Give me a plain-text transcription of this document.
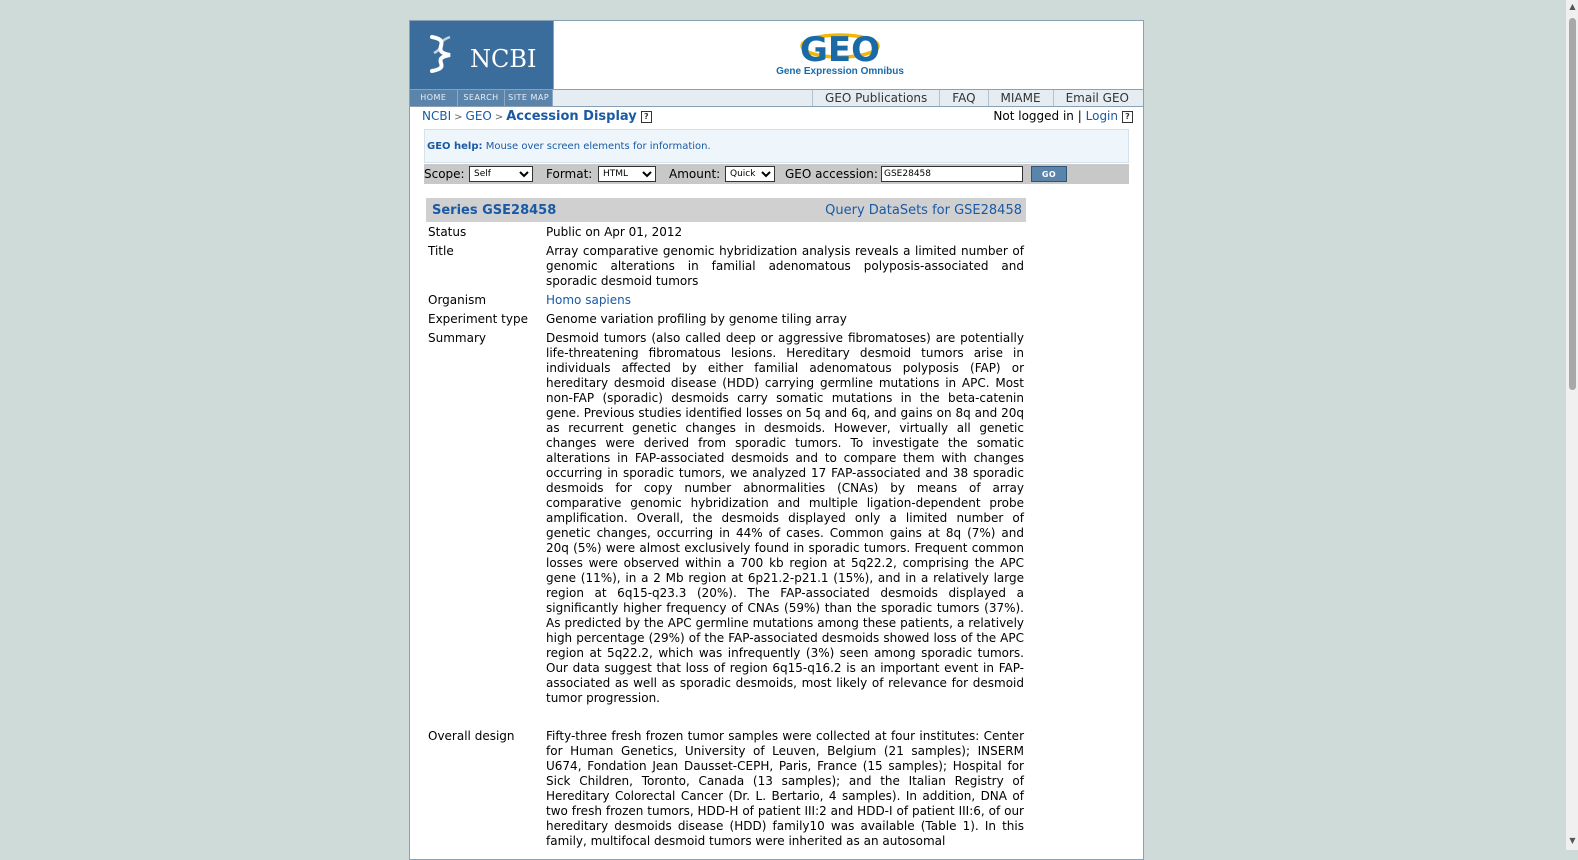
NCBI	GEO
Gene Expression Omnibus
HOME	SEARCH	SITE MAP	GEO Publications	FAQ	MIAME	Email GEO
NCBI > GEO > Accession Display ?	Not logged in | Login ?
GEO help: Mouse over screen elements for information.
Scope:
Self	Format:
HTML	Amount:
Quick	GEO accession:
GSE28458	GO
Series GSE28458	Query DataSets for GSE28458
Status	Public on Apr 01, 2012
Title	Array comparative genomic hybridization analysis reveals a limited number of genomic alterations in familial adenomatous polyposis-associated and sporadic desmoid tumors
Organism	Homo sapiens
Experiment type	Genome variation profiling by genome tiling array
Summary	Desmoid tumors (also called deep or aggressive fibromatoses) are potentially life-threatening fibromatous lesions. Hereditary desmoid tumors arise in individuals affected by either familial adenomatous polyposis (FAP) or hereditary desmoid disease (HDD) carrying germline mutations in APC. Most non-FAP (sporadic) desmoids carry somatic mutations in the beta-catenin gene. Previous studies identified losses on 5q and 6q, and gains on 8q and 20q as recurrent genetic changes in desmoids. However, virtually all genetic changes were derived from sporadic tumors. To investigate the somatic alterations in FAP-associated desmoids and to compare them with changes occurring in sporadic tumors, we analyzed 17 FAP-associated and 38 sporadic desmoids for copy number abnormalities (CNAs) by means of array comparative genomic hybridization and multiple ligation-dependent probe amplification. Overall, the desmoids displayed only a limited number of genetic changes, occurring in 44% of cases. Common gains at 8q (7%) and 20q (5%) were almost exclusively found in sporadic tumors. Frequent common losses were observed within a 700 kb region at 5q22.2, comprising the APC gene (11%), in a 2 Mb region at 6p21.2-p21.1 (15%), and in a relatively large region at 6q15-q23.3 (20%). The FAP-associated desmoids displayed a significantly higher frequency of CNAs (59%) than the sporadic tumors (37%). As predicted by the APC germline mutations among these patients, a relatively high percentage (29%) of the FAP-associated desmoids showed loss of the APC region at 5q22.2, which was infrequently (3%) seen among sporadic tumors. Our data suggest that loss of region 6q15-q16.2 is an important event in FAP-associated as well as sporadic desmoids, most likely of relevance for desmoid tumor progression.
Overall design	Fifty-three fresh frozen tumor samples were collected at four institutes: Center for Human Genetics, University of Leuven, Belgium (21 samples); INSERM U674, Fondation Jean Dausset-CEPH, Paris, France (15 samples); Hospital for Sick Children, Toronto, Canada (13 samples); and the Italian Registry of Hereditary Colorectal Cancer (Dr. L. Bertario, 4 samples). In addition, DNA of two fresh frozen tumors, HDD-H of patient III:2 and HDD-I of patient III:6, of our hereditary desmoids disease (HDD) family10 was available (Table 1). In this family, multifocal desmoid tumors were inherited as an autosomal
▲
▼
